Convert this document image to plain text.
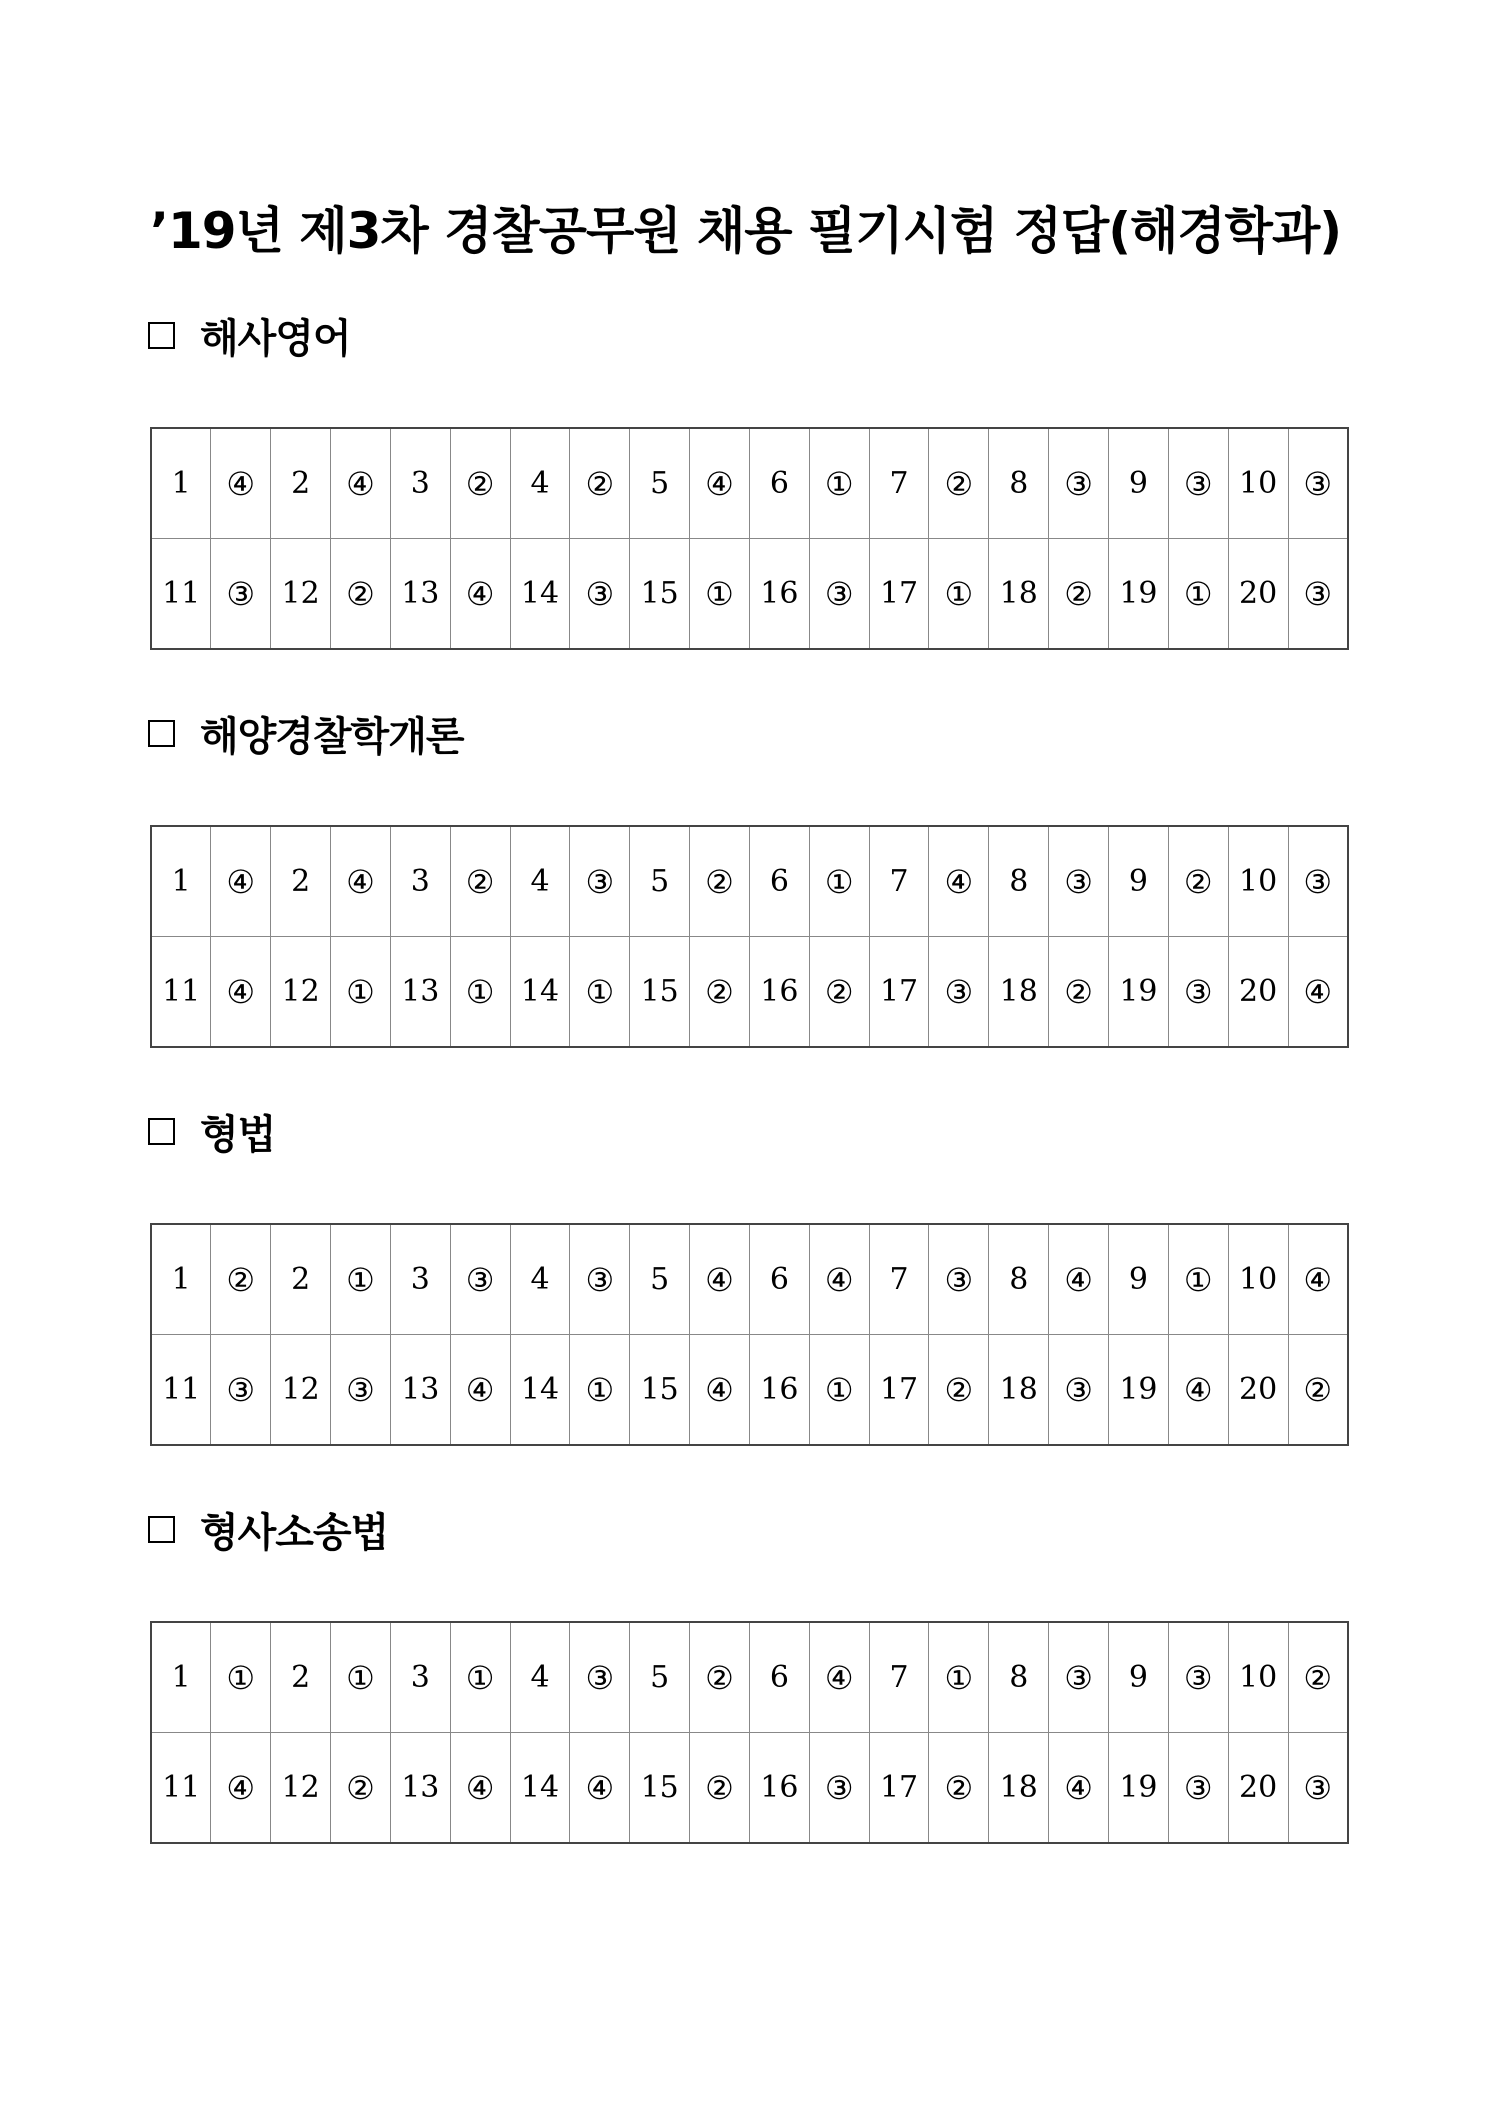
’19년 제3차 경찰공무원 채용 필기시험 정답(해경학과)
해사영어
1	④	2	④	3	②	4	②	5	④	6	①	7	②	8	③	9	③	10	③
11	③	12	②	13	④	14	③	15	①	16	③	17	①	18	②	19	①	20	③
해양경찰학개론
1	④	2	④	3	②	4	③	5	②	6	①	7	④	8	③	9	②	10	③
11	④	12	①	13	①	14	①	15	②	16	②	17	③	18	②	19	③	20	④
형법
1	②	2	①	3	③	4	③	5	④	6	④	7	③	8	④	9	①	10	④
11	③	12	③	13	④	14	①	15	④	16	①	17	②	18	③	19	④	20	②
형사소송법
1	①	2	①	3	①	4	③	5	②	6	④	7	①	8	③	9	③	10	②
11	④	12	②	13	④	14	④	15	②	16	③	17	②	18	④	19	③	20	③
